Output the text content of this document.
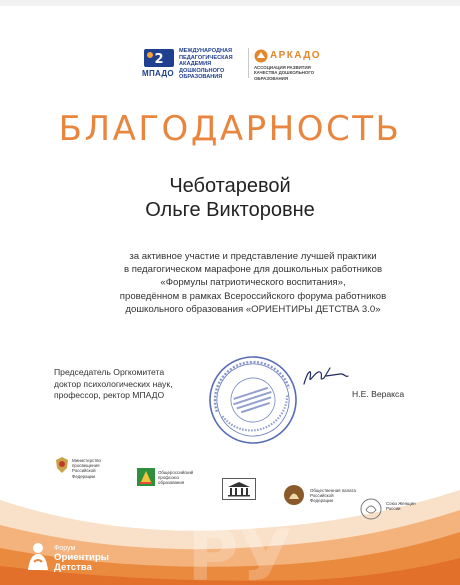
PУ
2
МПАДО
МЕЖДУНАРОДНАЯ ПЕДАГОГИЧЕСКАЯ АКАДЕМИЯ ДОШКОЛЬНОГО ОБРАЗОВАНИЯ
АРКАДО
АССОЦИАЦИЯ РАЗВИТИЯ КАЧЕСТВА ДОШКОЛЬНОГО ОБРАЗОВАНИЯ
БЛАГОДАРНОСТЬ
Чеботаревой
Ольге Викторовне
за активное участие и представление лучшей практики
в педагогическом марафоне для дошкольных работников
«Формулы патриотического воспитания»,
проведённом в рамках Всероссийского форума работников
дошкольного образования «ОРИЕНТИРЫ ДЕТСТВА 3.0»
Председатель Оргкомитета
доктор психологических наук,
профессор, ректор МПАДО	Н.Е. Веракса
Министерство просвещения Российской Федерации
Общероссийский профсоюз образования
Общественная палата Российской Федерации
Союз Женщин России
Форум
Ориентиры Детства
